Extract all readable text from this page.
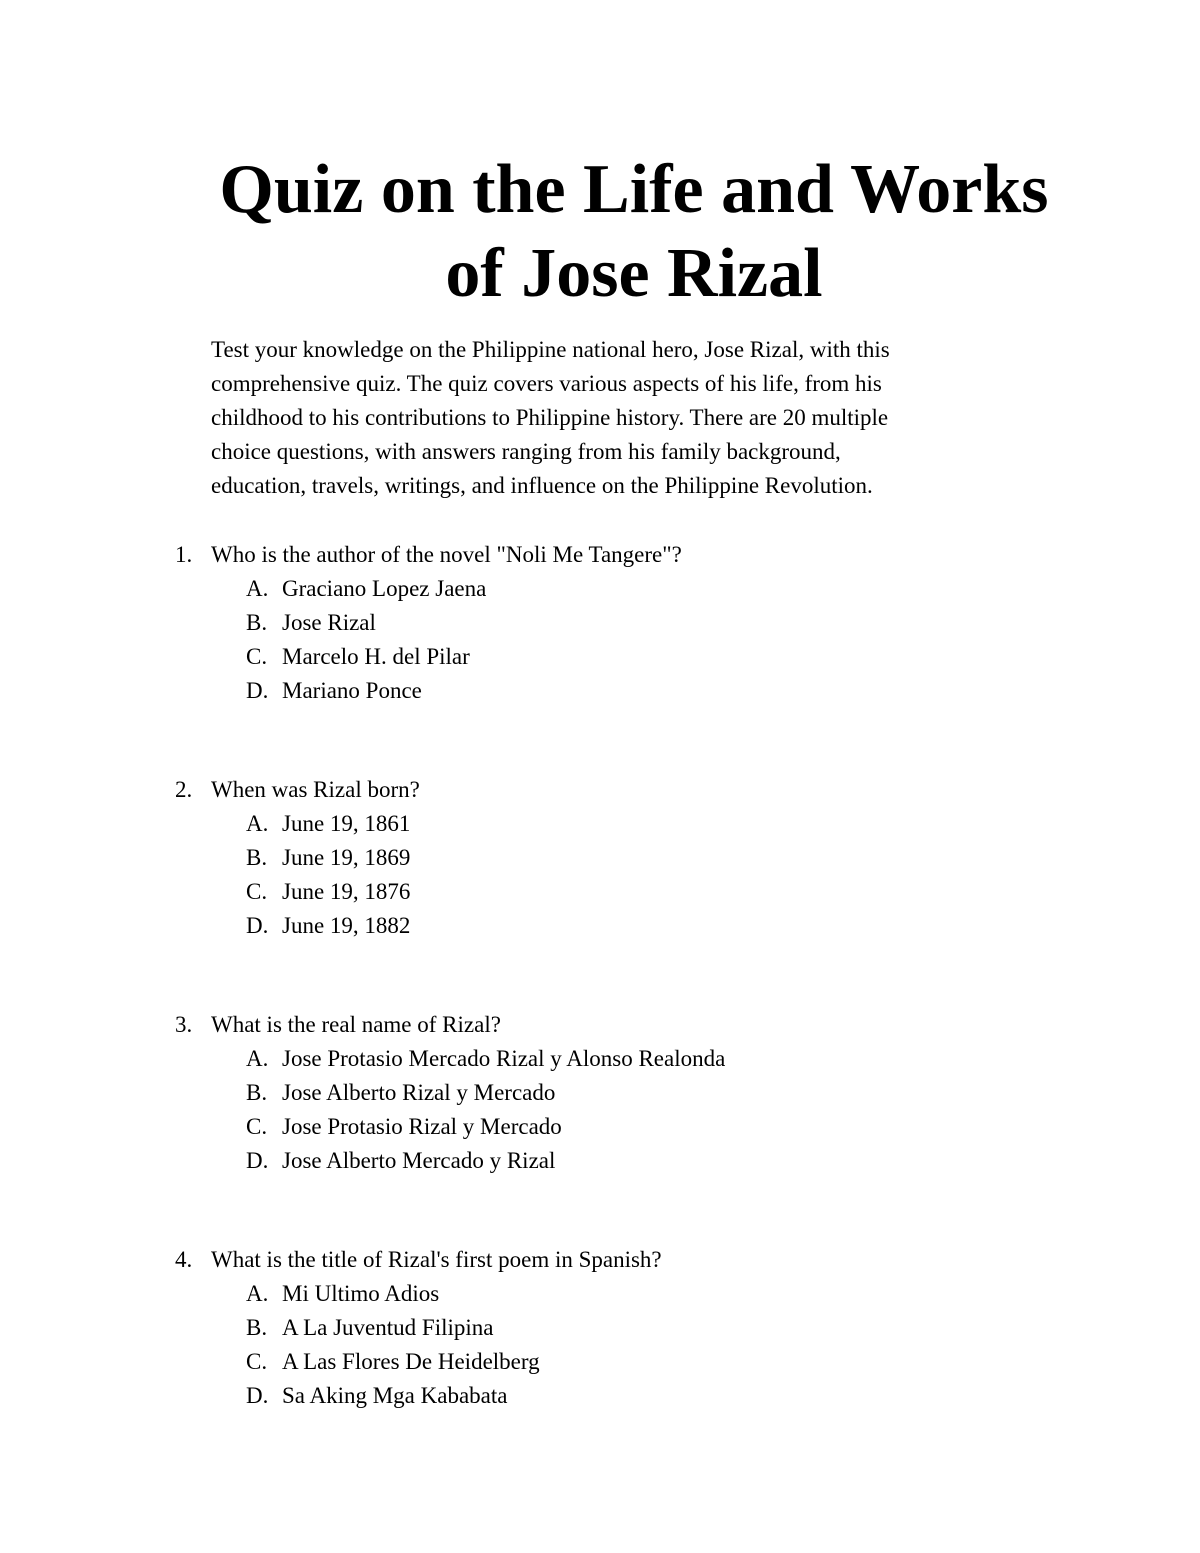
Quiz on the Life and Works
of Jose Rizal
Test your knowledge on the Philippine national hero, Jose Rizal, with this
comprehensive quiz. The quiz covers various aspects of his life, from his
childhood to his contributions to Philippine history. There are 20 multiple
choice questions, with answers ranging from his family background,
education, travels, writings, and influence on the Philippine Revolution.
1. Who is the author of the novel "Noli Me Tangere"?
A. Graciano Lopez Jaena
B. Jose Rizal
C. Marcelo H. del Pilar
D. Mariano Ponce
2. When was Rizal born?
A. June 19, 1861
B. June 19, 1869
C. June 19, 1876
D. June 19, 1882
3. What is the real name of Rizal?
A. Jose Protasio Mercado Rizal y Alonso Realonda
B. Jose Alberto Rizal y Mercado
C. Jose Protasio Rizal y Mercado
D. Jose Alberto Mercado y Rizal
4. What is the title of Rizal's first poem in Spanish?
A. Mi Ultimo Adios
B. A La Juventud Filipina
C. A Las Flores De Heidelberg
D. Sa Aking Mga Kababata
